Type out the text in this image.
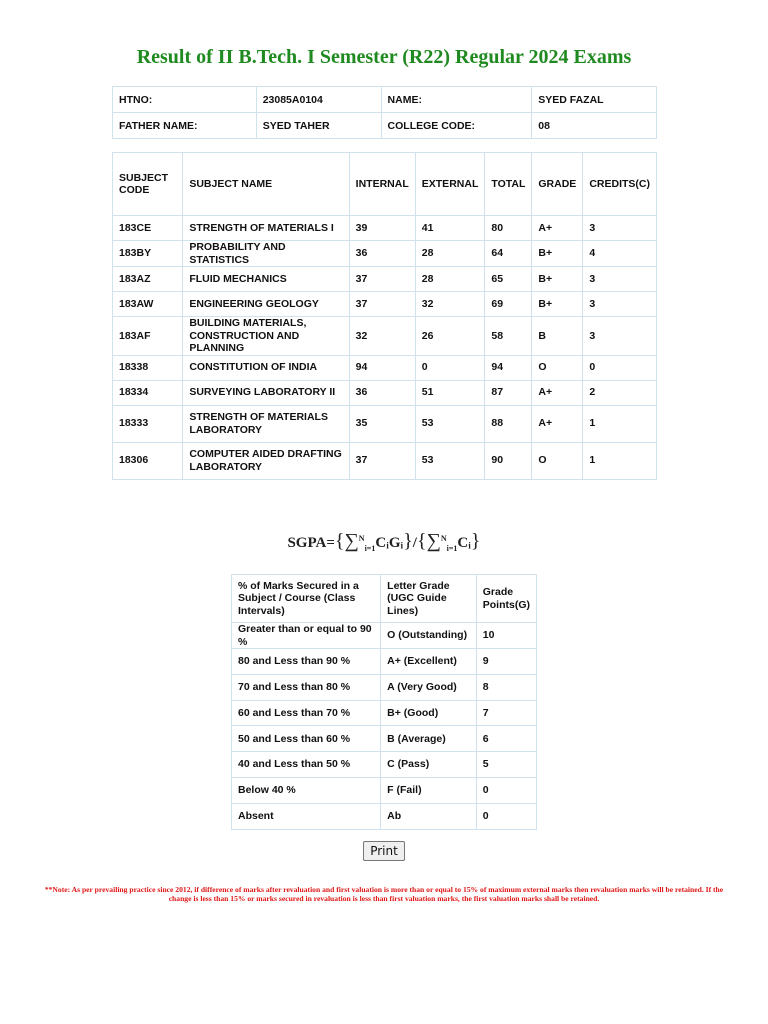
Result of II B.Tech. I Semester (R22) Regular 2024 Exams
HTNO:	23085A0104	NAME:	SYED FAZAL
FATHER NAME:	SYED TAHER	COLLEGE CODE:	08
SUBJECT CODE	SUBJECT NAME	INTERNAL	EXTERNAL	TOTAL	GRADE	CREDITS(C)
183CE	STRENGTH OF MATERIALS I	39	41	80	A+	3
183BY	PROBABILITY AND STATISTICS	36	28	64	B+	4
183AZ	FLUID MECHANICS	37	28	65	B+	3
183AW	ENGINEERING GEOLOGY	37	32	69	B+	3
183AF	BUILDING MATERIALS, CONSTRUCTION AND PLANNING	32	26	58	B	3
18338	CONSTITUTION OF INDIA	94	0	94	O	0
18334	SURVEYING LABORATORY II	36	51	87	A+	2
18333	STRENGTH OF MATERIALS LABORATORY	35	53	88	A+	1
18306	COMPUTER AIDED DRAFTING LABORATORY	37	53	90	O	1
SGPA={∑$^N_{i=1}$CᵢGᵢ}/{∑$^N_{i=1}$Cᵢ}
% of Marks Secured in a Subject / Course (Class Intervals)	Letter Grade (UGC Guide Lines)	Grade Points(G)
Greater than or equal to 90 %	O (Outstanding)	10
80 and Less than 90 %	A+ (Excellent)	9
70 and Less than 80 %	A (Very Good)	8
60 and Less than 70 %	B+ (Good)	7
50 and Less than 60 %	B (Average)	6
40 and Less than 50 %	C (Pass)	5
Below 40 %	F (Fail)	0
Absent	Ab	0
Print

**Note: As per prevailing practice since 2012, if difference of marks after revaluation and first valuation is more than or equal to 15% of maximum external marks then revaluation marks will be retained. If the change is less than 15% or marks secured in revaluation is less than first valuation marks, the first valuation marks shall be retained.
